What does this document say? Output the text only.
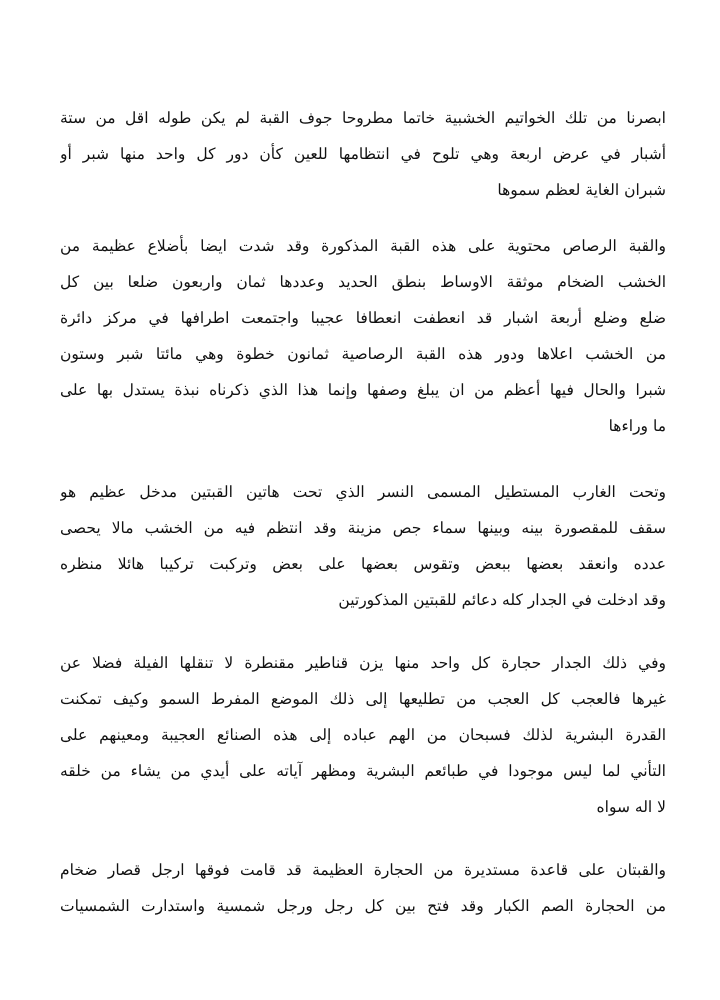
ابصرنا من تلك الخواتيم الخشبية خاتما مطروحا جوف القبة لم يكن طوله اقل من ستة
أشبار في عرض اربعة وهي تلوح في انتظامها للعين كأن دور كل واحد منها شبر أو
شبران الغاية لعظم سموها
والقبة الرصاص محتوية على هذه القبة المذكورة وقد شدت ايضا بأضلاع عظيمة من
الخشب الضخام موثقة الاوساط بنطق الحديد وعددها ثمان واربعون ضلعا بين كل
ضلع وضلع أربعة اشبار قد انعطفت انعطافا عجيبا واجتمعت اطرافها في مركز دائرة
من الخشب اعلاها ودور هذه القبة الرصاصية ثمانون خطوة وهي مائتا شبر وستون
شبرا والحال فيها أعظم من ان يبلغ وصفها وإنما هذا الذي ذكرناه نبذة يستدل بها على
ما وراءها
وتحت الغارب المستطيل المسمى النسر الذي تحت هاتين القبتين مدخل عظيم هو
سقف للمقصورة بينه وبينها سماء جص مزينة وقد انتظم فيه من الخشب مالا يحصى
عدده وانعقد بعضها ببعض وتقوس بعضها على بعض وتركبت تركيبا هائلا منظره
وقد ادخلت في الجدار كله دعائم للقبتين المذكورتين
وفي ذلك الجدار حجارة كل واحد منها يزن قناطير مقنطرة لا تنقلها الفيلة فضلا عن
غيرها فالعجب كل العجب من تطليعها إلى ذلك الموضع المفرط السمو وكيف تمكنت
القدرة البشرية لذلك فسبحان من الهم عباده إلى هذه الصنائع العجيبة ومعينهم على
التأني لما ليس موجودا في طبائعم البشرية ومظهر آياته على أيدي من يشاء من خلقه
لا اله سواه
والقبتان على قاعدة مستديرة من الحجارة العظيمة قد قامت فوقها ارجل قصار ضخام
من الحجارة الصم الكبار وقد فتح بين كل رجل ورجل شمسية واستدارت الشمسيات
